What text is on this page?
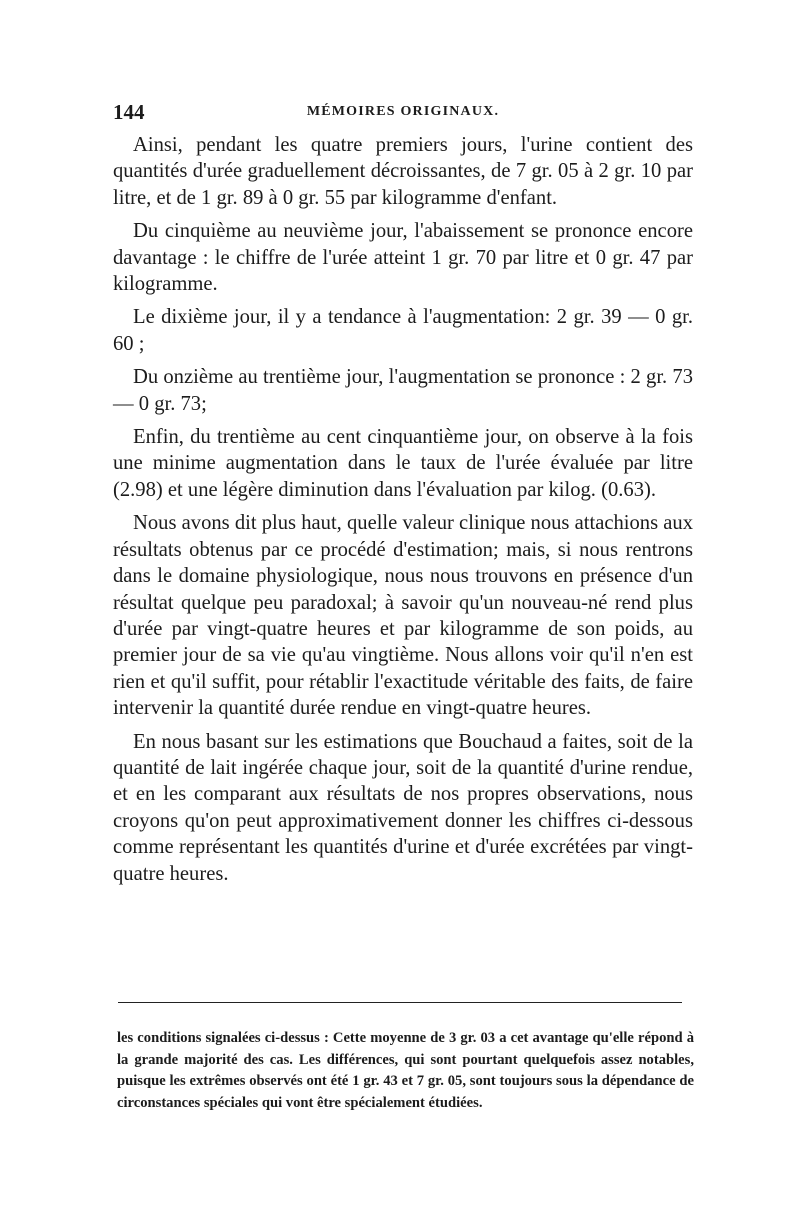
144	MÉMOIRES ORIGINAUX.

Ainsi, pendant les quatre premiers jours, l'urine contient des quantités d'urée graduellement décroissantes, de 7 gr. 05 à 2 gr. 10 par litre, et de 1 gr. 89 à 0 gr. 55 par kilogramme d'enfant.

Du cinquième au neuvième jour, l'abaissement se prononce encore davantage : le chiffre de l'urée atteint 1 gr. 70 par litre et 0 gr. 47 par kilogramme.

Le dixième jour, il y a tendance à l'augmentation: 2 gr. 39 — 0 gr. 60 ;

Du onzième au trentième jour, l'augmentation se prononce : 2 gr. 73 — 0 gr. 73;

Enfin, du trentième au cent cinquantième jour, on observe à la fois une minime augmentation dans le taux de l'urée évaluée par litre (2.98) et une légère diminution dans l'évaluation par kilog. (0.63).

Nous avons dit plus haut, quelle valeur clinique nous attachions aux résultats obtenus par ce procédé d'estimation; mais, si nous rentrons dans le domaine physiologique, nous nous trouvons en présence d'un résultat quelque peu paradoxal; à savoir qu'un nouveau-né rend plus d'urée par vingt-quatre heures et par kilogramme de son poids, au premier jour de sa vie qu'au vingtième. Nous allons voir qu'il n'en est rien et qu'il suffit, pour rétablir l'exactitude véritable des faits, de faire intervenir la quantité durée rendue en vingt-quatre heures.

En nous basant sur les estimations que Bouchaud a faites, soit de la quantité de lait ingérée chaque jour, soit de la quantité d'urine rendue, et en les comparant aux résultats de nos propres observations, nous croyons qu'on peut approximativement donner les chiffres ci-dessous comme représentant les quantités d'urine et d'urée excrétées par vingt-quatre heures.

les conditions signalées ci-dessus : Cette moyenne de 3 gr. 03 a cet avantage qu'elle répond à la grande majorité des cas. Les différences, qui sont pourtant quelquefois assez notables, puisque les extrêmes observés ont été 1 gr. 43 et 7 gr. 05, sont toujours sous la dépendance de circonstances spéciales qui vont être spécialement étudiées.
